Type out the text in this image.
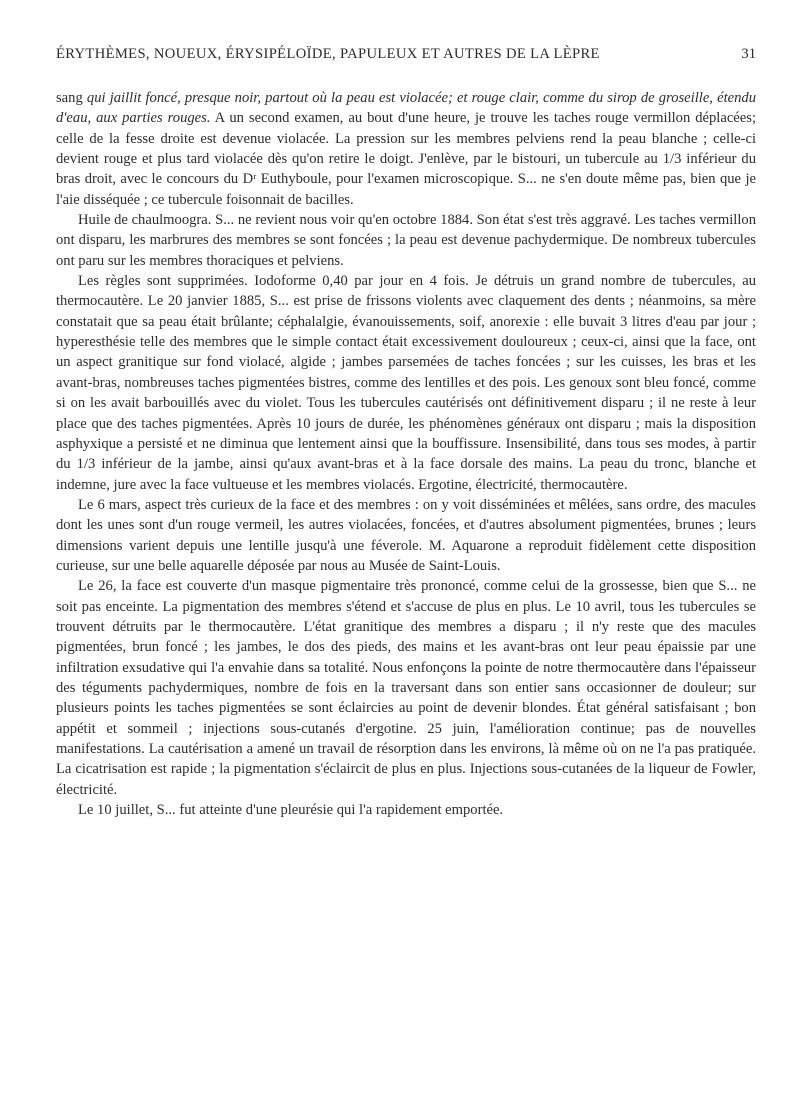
ÉRYTHÈMES, NOUEUX, ÉRYSIPÉLOÏDE, PAPULEUX ET AUTRES DE LA LÈPRE	31

sang qui jaillit foncé, presque noir, partout où la peau est violacée; et rouge clair, comme du sirop de groseille, étendu d'eau, aux parties rouges. A un second examen, au bout d'une heure, je trouve les taches rouge vermillon déplacées; celle de la fesse droite est devenue violacée. La pression sur les membres pelviens rend la peau blanche ; celle-ci devient rouge et plus tard violacée dès qu'on retire le doigt. J'enlève, par le bistouri, un tubercule au 1/3 inférieur du bras droit, avec le concours du Dʳ Euthyboule, pour l'examen microscopique. S... ne s'en doute même pas, bien que je l'aie disséquée ; ce tubercule foisonnait de bacilles.

Huile de chaulmoogra. S... ne revient nous voir qu'en octobre 1884. Son état s'est très aggravé. Les taches vermillon ont disparu, les marbrures des membres se sont foncées ; la peau est devenue pachydermique. De nombreux tubercules ont paru sur les membres thoraciques et pelviens.

Les règles sont supprimées. Iodoforme 0,40 par jour en 4 fois. Je détruis un grand nombre de tubercules, au thermocautère. Le 20 janvier 1885, S... est prise de frissons violents avec claquement des dents ; néanmoins, sa mère constatait que sa peau était brûlante; céphalalgie, évanouissements, soif, anorexie : elle buvait 3 litres d'eau par jour ; hyperesthésie telle des membres que le simple contact était excessivement douloureux ; ceux-ci, ainsi que la face, ont un aspect granitique sur fond violacé, algide ; jambes parsemées de taches foncées ; sur les cuisses, les bras et les avant-bras, nombreuses taches pigmentées bistres, comme des lentilles et des pois. Les genoux sont bleu foncé, comme si on les avait barbouillés avec du violet. Tous les tubercules cautérisés ont définitivement disparu ; il ne reste à leur place que des taches pigmentées. Après 10 jours de durée, les phénomènes généraux ont disparu ; mais la disposition asphyxique a persisté et ne diminua que lentement ainsi que la bouffissure. Insensibilité, dans tous ses modes, à partir du 1/3 inférieur de la jambe, ainsi qu'aux avant-bras et à la face dorsale des mains. La peau du tronc, blanche et indemne, jure avec la face vultueuse et les membres violacés. Ergotine, électricité, thermocautère.

Le 6 mars, aspect très curieux de la face et des membres : on y voit disséminées et mêlées, sans ordre, des macules dont les unes sont d'un rouge vermeil, les autres violacées, foncées, et d'autres absolument pigmentées, brunes ; leurs dimensions varient depuis une lentille jusqu'à une féverole. M. Aquarone a reproduit fidèlement cette disposition curieuse, sur une belle aquarelle déposée par nous au Musée de Saint-Louis.

Le 26, la face est couverte d'un masque pigmentaire très prononcé, comme celui de la grossesse, bien que S... ne soit pas enceinte. La pigmentation des membres s'étend et s'accuse de plus en plus. Le 10 avril, tous les tubercules se trouvent détruits par le thermocautère. L'état granitique des membres a disparu ; il n'y reste que des macules pigmentées, brun foncé ; les jambes, le dos des pieds, des mains et les avant-bras ont leur peau épaissie par une infiltration exsudative qui l'a envahie dans sa totalité. Nous enfonçons la pointe de notre thermocautère dans l'épaisseur des téguments pachydermiques, nombre de fois en la traversant dans son entier sans occasionner de douleur; sur plusieurs points les taches pigmentées se sont éclaircies au point de devenir blondes. État général satisfaisant ; bon appétit et sommeil ; injections sous-cutanés d'ergotine. 25 juin, l'amélioration continue; pas de nouvelles manifestations. La cautérisation a amené un travail de résorption dans les environs, là même où on ne l'a pas pratiquée. La cicatrisation est rapide ; la pigmentation s'éclaircit de plus en plus. Injections sous-cutanées de la liqueur de Fowler, électricité.

Le 10 juillet, S... fut atteinte d'une pleurésie qui l'a rapidement emportée.
